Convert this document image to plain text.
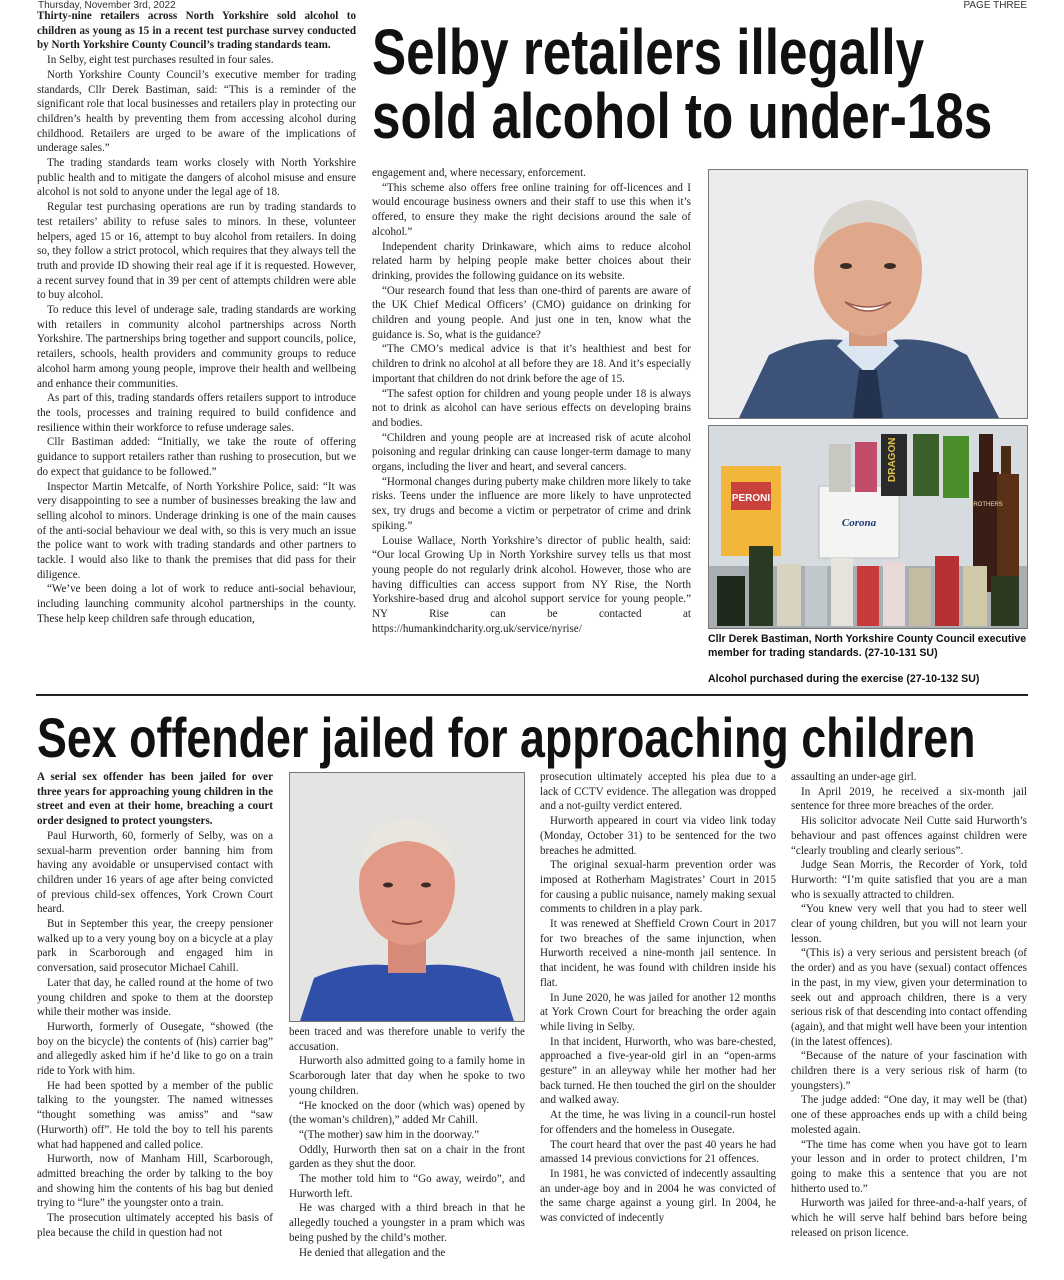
Thursday, November 3rd, 2022	PAGE THREE

Thirty-nine retailers across North Yorkshire sold alcohol to children as young as 15 in a recent test purchase survey conducted by North Yorkshire County Council’s trading standards team.

In Selby, eight test purchases resulted in four sales.

North Yorkshire County Council’s executive member for trading standards, Cllr Derek Bastiman, said: “This is a reminder of the significant role that local businesses and retailers play in protecting our children’s health by preventing them from accessing alcohol during childhood. Retailers are urged to be aware of the implications of underage sales.”

The trading standards team works closely with North Yorkshire public health and to mitigate the dangers of alcohol misuse and ensure alcohol is not sold to anyone under the legal age of 18.

Regular test purchasing operations are run by trading standards to test retailers’ ability to refuse sales to minors. In these, volunteer helpers, aged 15 or 16, attempt to buy alcohol from retailers. In doing so, they follow a strict protocol, which requires that they always tell the truth and provide ID showing their real age if it is requested. However, a recent survey found that in 39 per cent of attempts children were able to buy alcohol.

To reduce this level of underage sale, trading standards are working with retailers in community alcohol partnerships across North Yorkshire. The partnerships bring together and support councils, police, retailers, schools, health providers and community groups to reduce alcohol harm among young people, improve their health and wellbeing and enhance their communities.

As part of this, trading standards offers retailers support to introduce the tools, processes and training required to build confidence and resilience within their workforce to refuse underage sales.

Cllr Bastiman added: “Initially, we take the route of offering guidance to support retailers rather than rushing to prosecution, but we do expect that guidance to be followed.”

Inspector Martin Metcalfe, of North Yorkshire Police, said: “It was very disappointing to see a number of businesses breaking the law and selling alcohol to minors. Underage drinking is one of the main causes of the anti-social behaviour we deal with, so this is very much an issue the police want to work with trading standards and other partners to tackle. I would also like to thank the premises that did pass for their diligence.

“We’ve been doing a lot of work to reduce anti-social behaviour, including launching community alcohol partnerships in the county. These help keep children safe through education,

Selby retailers illegally
sold alcohol to under-18s

engagement and, where necessary, enforcement.

“This scheme also offers free online training for off-licences and I would encourage business owners and their staff to use this when it’s offered, to ensure they make the right decisions around the sale of alcohol.”

Independent charity Drinkaware, which aims to reduce alcohol related harm by helping people make better choices about their drinking, provides the following guidance on its website.

“Our research found that less than one-third of parents are aware of the UK Chief Medical Officers’ (CMO) guidance on drinking for children and young people. And just one in ten, know what the guidance is. So, what is the guidance?

“The CMO’s medical advice is that it’s healthiest and best for children to drink no alcohol at all before they are 18. And it’s especially important that children do not drink before the age of 15.

“The safest option for children and young people under 18 is always not to drink as alcohol can have serious effects on developing brains and bodies.

“Children and young people are at increased risk of acute alcohol poisoning and regular drinking can cause longer-term damage to many organs, including the liver and heart, and several cancers.

“Hormonal changes during puberty make children more likely to take risks. Teens under the influence are more likely to have unprotected sex, try drugs and become a victim or perpetrator of crime and drink spiking.”

Louise Wallace, North Yorkshire’s director of public health, said: “Our local Growing Up in North Yorkshire survey tells us that most young people do not regularly drink alcohol. However, those who are having difficulties can access support from NY Rise, the North Yorkshire-based drug and alcohol support service for young people.” NY Rise can be contacted at https://humankindcharity.org.uk/service/nyrise/

PERONI
Corona
DRAGON
BROTHERS

Cllr Derek Bastiman, North Yorkshire County Council executive member for trading standards. (27-10-131 SU)

Alcohol purchased during the exercise (27-10-132 SU)

Sex offender jailed for approaching children

A serial sex offender has been jailed for over three years for approaching young children in the street and even at their home, breaching a court order designed to protect youngsters.

Paul Hurworth, 60, formerly of Selby, was on a sexual-harm prevention order banning him from having any avoidable or unsupervised contact with children under 16 years of age after being convicted of previous child-sex offences, York Crown Court heard.

But in September this year, the creepy pensioner walked up to a very young boy on a bicycle at a play park in Scarborough and engaged him in conversation, said prosecutor Michael Cahill.

Later that day, he called round at the home of two young children and spoke to them at the doorstep while their mother was inside.

Hurworth, formerly of Ousegate, “showed (the boy on the bicycle) the contents of (his) carrier bag” and allegedly asked him if he’d like to go on a train ride to York with him.

He had been spotted by a member of the public talking to the youngster. The named witnesses “thought something was amiss” and “saw (Hurworth) off”. He told the boy to tell his parents what had happened and called police.

Hurworth, now of Manham Hill, Scarborough, admitted breaching the order by talking to the boy and showing him the contents of his bag but denied trying to “lure” the youngster onto a train.

The prosecution ultimately accepted his basis of plea because the child in question had not

been traced and was therefore unable to verify the accusation.

Hurworth also admitted going to a family home in Scarborough later that day when he spoke to two young children.

“He knocked on the door (which was) opened by (the woman’s children),” added Mr Cahill.

“(The mother) saw him in the doorway.”

Oddly, Hurworth then sat on a chair in the front garden as they shut the door.

The mother told him to “Go away, weirdo”, and Hurworth left.

He was charged with a third breach in that he allegedly touched a youngster in a pram which was being pushed by the child’s mother.

He denied that allegation and the

prosecution ultimately accepted his plea due to a lack of CCTV evidence. The allegation was dropped and a not-guilty verdict entered.

Hurworth appeared in court via video link today (Monday, October 31) to be sentenced for the two breaches he admitted.

The original sexual-harm prevention order was imposed at Rotherham Magistrates’ Court in 2015 for causing a public nuisance, namely making sexual comments to children in a play park.

It was renewed at Sheffield Crown Court in 2017 for two breaches of the same injunction, when Hurworth received a nine-month jail sentence. In that incident, he was found with children inside his flat.

In June 2020, he was jailed for another 12 months at York Crown Court for breaching the order again while living in Selby.

In that incident, Hurworth, who was bare-chested, approached a five-year-old girl in an “open-arms gesture” in an alleyway while her mother had her back turned. He then touched the girl on the shoulder and walked away.

At the time, he was living in a council-run hostel for offenders and the homeless in Ousegate.

The court heard that over the past 40 years he had amassed 14 previous convictions for 21 offences.

In 1981, he was convicted of indecently assaulting an under-age boy and in 2004 he was convicted of the same charge against a young girl. In 2004, he was convicted of indecently

assaulting an under-age girl.

In April 2019, he received a six-month jail sentence for three more breaches of the order.

His solicitor advocate Neil Cutte said Hurworth’s behaviour and past offences against children were “clearly troubling and clearly serious”.

Judge Sean Morris, the Recorder of York, told Hurworth: “I’m quite satisfied that you are a man who is sexually attracted to children.

“You knew very well that you had to steer well clear of young children, but you will not learn your lesson.

“(This is) a very serious and persistent breach (of the order) and as you have (sexual) contact offences in the past, in my view, given your determination to seek out and approach children, there is a very serious risk of that descending into contact offending (again), and that might well have been your intention (in the latest offences).

“Because of the nature of your fascination with children there is a very serious risk of harm (to youngsters).”

The judge added: “One day, it may well be (that) one of these approaches ends up with a child being molested again.

“The time has come when you have got to learn your lesson and in order to protect children, I’m going to make this a sentence that you are not hitherto used to.”

Hurworth was jailed for three-and-a-half years, of which he will serve half behind bars before being released on prison licence.
